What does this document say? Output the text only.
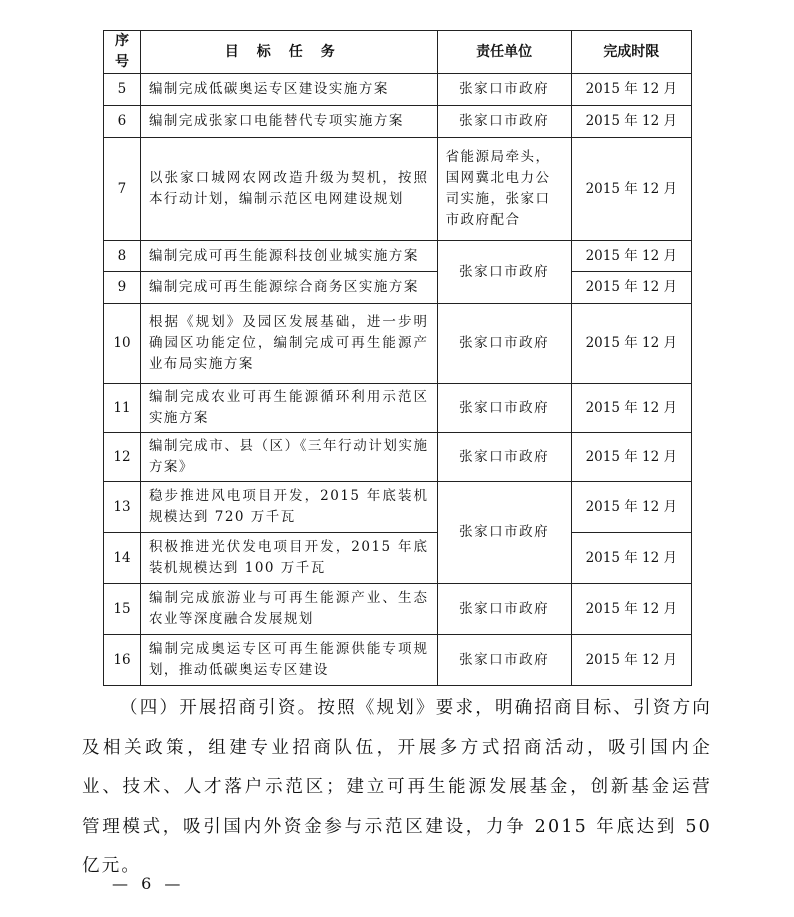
序号	目标任务	责任单位	完成时限
5	编制完成低碳奥运专区建设实施方案	张家口市政府	2015 年 12 月
6	编制完成张家口电能替代专项实施方案	张家口市政府	2015 年 12 月
7	以张家口城网农网改造升级为契机，按照本行动计划，编制示范区电网建设规划	省能源局牵头，国网冀北电力公司实施，张家口市政府配合	2015 年 12 月
8	编制完成可再生能源科技创业城实施方案	张家口市政府	2015 年 12 月
9	编制完成可再生能源综合商务区实施方案		2015 年 12 月
10	根据《规划》及园区发展基础，进一步明确园区功能定位，编制完成可再生能源产业布局实施方案	张家口市政府	2015 年 12 月
11	编制完成农业可再生能源循环利用示范区实施方案	张家口市政府	2015 年 12 月
12	编制完成市、县（区）《三年行动计划实施方案》	张家口市政府	2015 年 12 月
13	稳步推进风电项目开发，2015 年底装机规模达到 720 万千瓦	张家口市政府	2015 年 12 月
14	积极推进光伏发电项目开发，2015 年底装机规模达到 100 万千瓦		2015 年 12 月
15	编制完成旅游业与可再生能源产业、生态农业等深度融合发展规划	张家口市政府	2015 年 12 月
16	编制完成奥运专区可再生能源供能专项规划，推动低碳奥运专区建设	张家口市政府	2015 年 12 月

（四）开展招商引资。按照《规划》要求，明确招商目标、引资方向及相关政策，组建专业招商队伍，开展多方式招商活动，吸引国内企业、技术、人才落户示范区；建立可再生能源发展基金，创新基金运营管理模式，吸引国内外资金参与示范区建设，力争 2015 年底达到 50 亿元。

— 6 —
